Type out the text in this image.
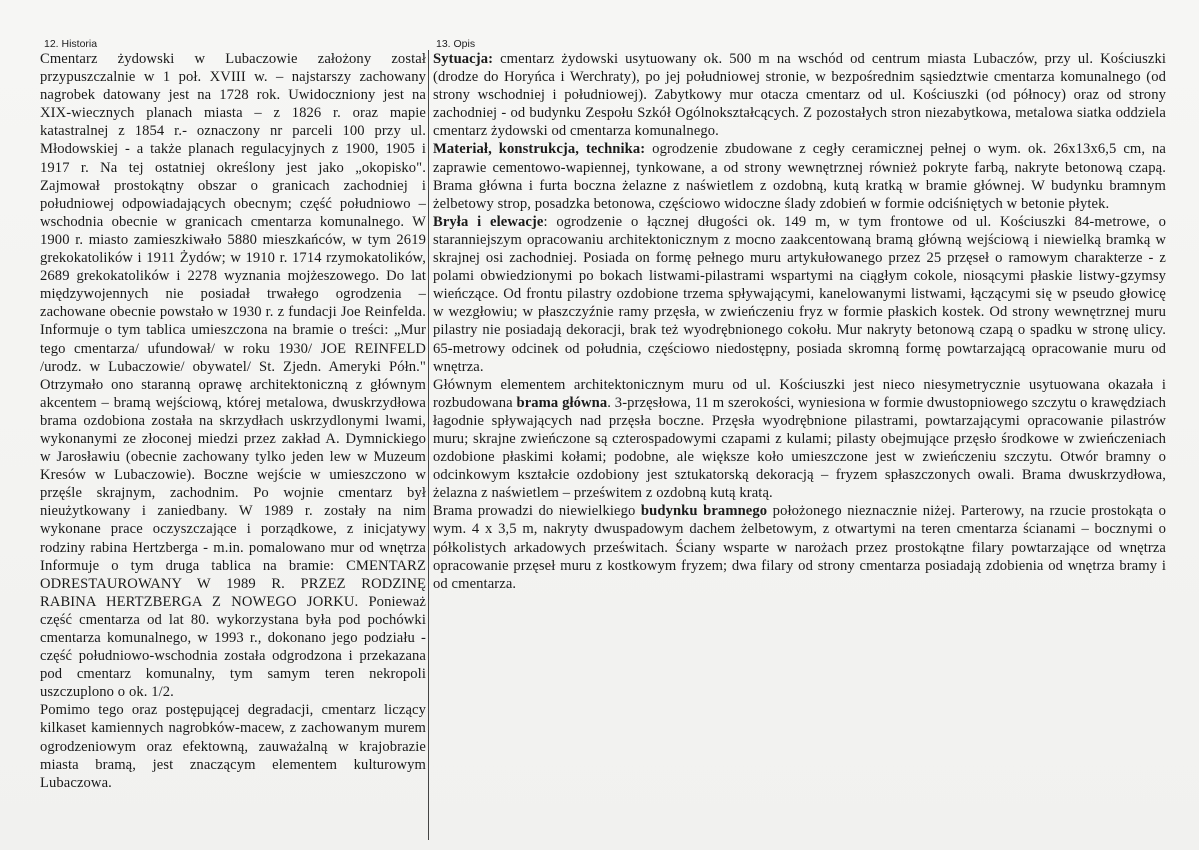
12. Historia	13. Opis

Cmentarz żydowski w Lubaczowie założony został przypuszczalnie w 1 poł. XVIII w. – najstarszy zachowany nagrobek datowany jest na 1728 rok. Uwidoczniony jest na XIX-wiecznych planach miasta – z 1826 r. oraz mapie katastralnej z 1854 r.- oznaczony nr parceli 100 przy ul. Młodowskiej - a także planach regulacyjnych z 1900, 1905 i 1917 r. Na tej ostatniej określony jest jako „okopisko". Zajmował prostokątny obszar o granicach zachodniej i południowej odpowiadających obecnym; część południowo –wschodnia obecnie w granicach cmentarza komunalnego. W 1900 r. miasto zamieszkiwało 5880 mieszkańców, w tym 2619 grekokatolików i 1911 Żydów; w 1910 r. 1714 rzymokatolików, 2689 grekokatolików i 2278 wyznania mojżeszowego. Do lat międzywojennych nie posiadał trwałego ogrodzenia – zachowane obecnie powstało w 1930 r. z fundacji Joe Reinfelda. Informuje o tym tablica umieszczona na bramie o treści: „Mur tego cmentarza/ ufundował/ w roku 1930/ JOE REINFELD /urodz. w Lubaczowie/ obywatel/ St. Zjedn. Ameryki Półn." Otrzymało ono staranną oprawę architektoniczną z głównym akcentem – bramą wejściową, której metalowa, dwuskrzydłowa brama ozdobiona została na skrzydłach uskrzydlonymi lwami, wykonanymi ze złoconej miedzi przez zakład A. Dymnickiego w Jarosławiu (obecnie zachowany tylko jeden lew w Muzeum Kresów w Lubaczowie). Boczne wejście w umieszczono w przęśle skrajnym, zachodnim. Po wojnie cmentarz był nieużytkowany i zaniedbany. W 1989 r. zostały na nim wykonane prace oczyszczające i porządkowe, z inicjatywy rodziny rabina Hertzberga - m.in. pomalowano mur od wnętrza Informuje o tym druga tablica na bramie: CMENTARZ ODRESTAUROWANY W 1989 R. PRZEZ RODZINĘ RABINA HERTZBERGA Z NOWEGO JORKU. Ponieważ część cmentarza od lat 80. wykorzystana była pod pochówki cmentarza komunalnego, w 1993 r., dokonano jego podziału - część południowo-wschodnia została odgrodzona i przekazana pod cmentarz komunalny, tym samym teren nekropoli uszczuplono o ok. 1/2.

Pomimo tego oraz postępującej degradacji, cmentarz liczący kilkaset kamiennych nagrobków-macew, z zachowanym murem ogrodzeniowym oraz efektowną, zauważalną w krajobrazie miasta bramą, jest znaczącym elementem kulturowym Lubaczowa.

Sytuacja: cmentarz żydowski usytuowany ok. 500 m na wschód od centrum miasta Lubaczów, przy ul. Kościuszki (drodze do Horyńca i Werchraty), po jej południowej stronie, w bezpośrednim sąsiedztwie cmentarza komunalnego (od strony wschodniej i południowej). Zabytkowy mur otacza cmentarz od ul. Kościuszki (od północy) oraz od strony zachodniej - od budynku Zespołu Szkół Ogólnokształcących. Z pozostałych stron niezabytkowa, metalowa siatka oddziela cmentarz żydowski od cmentarza komunalnego.

Materiał, konstrukcja, technika: ogrodzenie zbudowane z cegły ceramicznej pełnej o wym. ok. 26x13x6,5 cm, na zaprawie cementowo-wapiennej, tynkowane, a od strony wewnętrznej również pokryte farbą, nakryte betonową czapą. Brama główna i furta boczna żelazne z naświetlem z ozdobną, kutą kratką w bramie głównej. W budynku bramnym żelbetowy strop, posadzka betonowa, częściowo widoczne ślady zdobień w formie odciśniętych w betonie płytek.

Bryła i elewacje: ogrodzenie o łącznej długości ok. 149 m, w tym frontowe od ul. Kościuszki 84-metrowe, o staranniejszym opracowaniu architektonicznym z mocno zaakcentowaną bramą główną wejściową i niewielką bramką w skrajnej osi zachodniej. Posiada on formę pełnego muru artykułowanego przez 25 przęseł o ramowym charakterze - z polami obwiedzionymi po bokach listwami-pilastrami wspartymi na ciągłym cokole, niosącymi płaskie listwy-gzymsy wieńczące. Od frontu pilastry ozdobione trzema spływającymi, kanelowanymi listwami, łączącymi się w pseudo głowicę w wezgłowiu; w płaszczyźnie ramy przęsła, w zwieńczeniu fryz w formie płaskich kostek. Od strony wewnętrznej muru pilastry nie posiadają dekoracji, brak też wyodrębnionego cokołu. Mur nakryty betonową czapą o spadku w stronę ulicy. 65-metrowy odcinek od południa, częściowo niedostępny, posiada skromną formę powtarzającą opracowanie muru od wnętrza.

Głównym elementem architektonicznym muru od ul. Kościuszki jest nieco niesymetrycznie usytuowana okazała i rozbudowana brama główna. 3-przęsłowa, 11 m szerokości, wyniesiona w formie dwustopniowego szczytu o krawędziach łagodnie spływających nad przęsła boczne. Przęsła wyodrębnione pilastrami, powtarzającymi opracowanie pilastrów muru; skrajne zwieńczone są czterospadowymi czapami z kulami; pilasty obejmujące przęsło środkowe w zwieńczeniach ozdobione płaskimi kołami; podobne, ale większe koło umieszczone jest w zwieńczeniu szczytu. Otwór bramny o odcinkowym kształcie ozdobiony jest sztukatorską dekoracją – fryzem spłaszczonych owali. Brama dwuskrzydłowa, żelazna z naświetlem – prześwitem z ozdobną kutą kratą.

Brama prowadzi do niewielkiego budynku bramnego położonego nieznacznie niżej. Parterowy, na rzucie prostokąta o wym. 4 x 3,5 m, nakryty dwuspadowym dachem żelbetowym, z otwartymi na teren cmentarza ścianami – bocznymi o półkolistych arkadowych prześwitach. Ściany wsparte w narożach przez prostokątne filary powtarzające od wnętrza opracowanie przęseł muru z kostkowym fryzem; dwa filary od strony cmentarza posiadają zdobienia od wnętrza bramy i od cmentarza.
